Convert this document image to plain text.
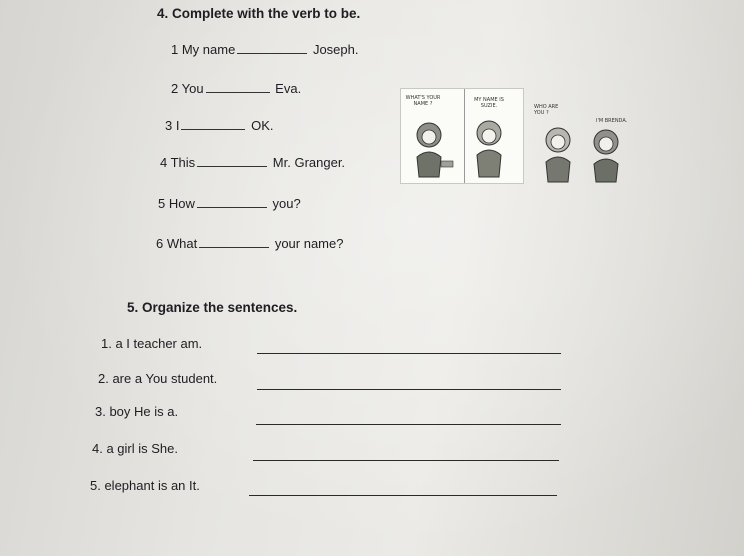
4. Complete with the verb to be.
1 My name	Joseph.
2 You	Eva.
3 I	OK.
4 This	Mr. Granger.
5 How	you?
6 What	your name?
WHAT'S YOUR NAME ?
MY NAME IS SUZIE.	WHO ARE YOU ?
I'M BRENDA.
5. Organize the sentences.
1. a I teacher am.
2. are a You student.
3. boy He is a.
4. a girl is She.
5. elephant is an It.
